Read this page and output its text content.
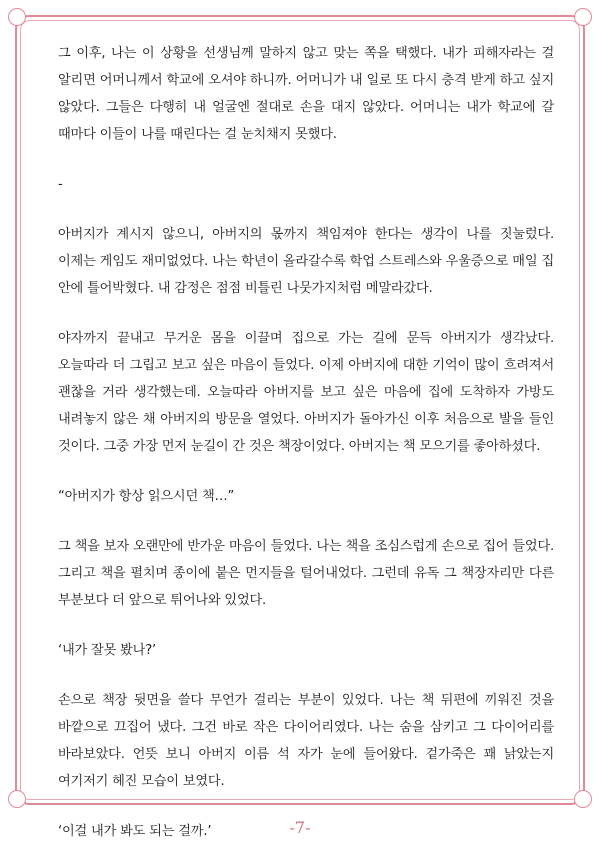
그 이후, 나는 이 상황을 선생님께 말하지 않고 맞는 쪽을 택했다. 내가 피해자라는 걸 알리면 어머니께서 학교에 오셔야 하니까. 어머니가 내 일로 또 다시 충격 받게 하고 싶지 않았다. 그들은 다행히 내 얼굴엔 절대로 손을 대지 않았다. 어머니는 내가 학교에 갈 때마다 이들이 나를 때린다는 걸 눈치채지 못했다.

-

아버지가 계시지 않으니, 아버지의 몫까지 책임져야 한다는 생각이 나를 짓눌렀다. 이제는 게임도 재미없었다. 나는 학년이 올라갈수록 학업 스트레스와 우울증으로 매일 집 안에 틀어박혔다. 내 감정은 점점 비틀린 나뭇가지처럼 메말라갔다.

야자까지 끝내고 무거운 몸을 이끌며 집으로 가는 길에 문득 아버지가 생각났다. 오늘따라 더 그립고 보고 싶은 마음이 들었다. 이제 아버지에 대한 기억이 많이 흐려져서 괜찮을 거라 생각했는데. 오늘따라 아버지를 보고 싶은 마음에 집에 도착하자 가방도 내려놓지 않은 채 아버지의 방문을 열었다. 아버지가 돌아가신 이후 처음으로 발을 들인 것이다. 그중 가장 먼저 눈길이 간 것은 책장이었다. 아버지는 책 모으기를 좋아하셨다.

“아버지가 항상 읽으시던 책…”

그 책을 보자 오랜만에 반가운 마음이 들었다. 나는 책을 조심스럽게 손으로 집어 들었다. 그리고 책을 펼치며 종이에 붙은 먼지들을 털어내었다. 그런데 유독 그 책장자리만 다른 부분보다 더 앞으로 튀어나와 있었다.

‘내가 잘못 봤나?’

손으로 책장 뒷면을 쓸다 무언가 걸리는 부분이 있었다. 나는 책 뒤편에 끼워진 것을 바깥으로 끄집어 냈다. 그건 바로 작은 다이어리였다. 나는 숨을 삼키고 그 다이어리를 바라보았다. 언뜻 보니 아버지 이름 석 자가 눈에 들어왔다. 겉가죽은 꽤 낡았는지 여기저기 헤진 모습이 보였다.

‘이걸 내가 봐도 되는 걸까.’	-7-
